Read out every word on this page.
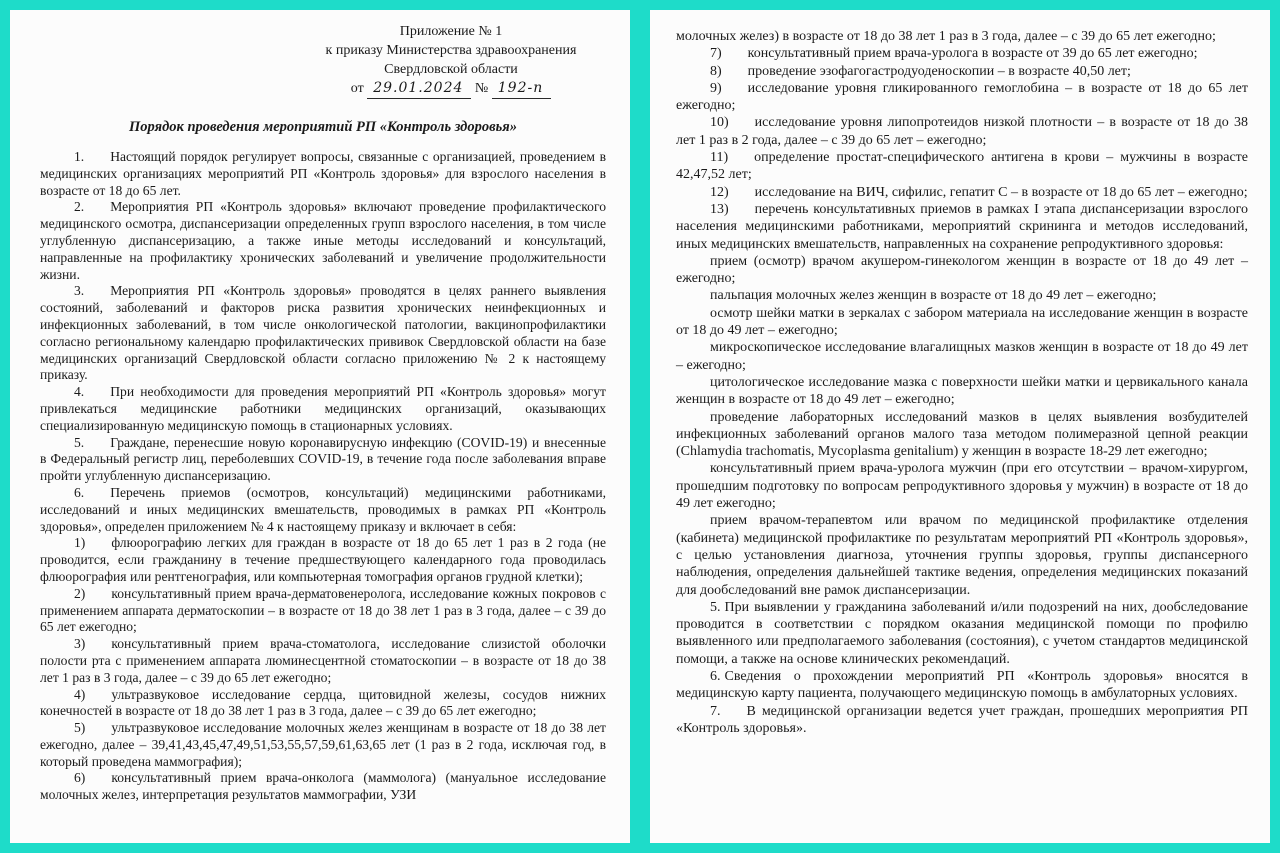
Приложение № 1
к приказу Министерства здравоохранения
Свердловской области
от 29.01.2024 № 192-п
Порядок проведения мероприятий РП «Контроль здоровья»

1. Настоящий порядок регулирует вопросы, связанные с организацией, проведением в медицинских организациях мероприятий РП «Контроль здоровья» для взрослого населения в возрасте от 18 до 65 лет.

2. Мероприятия РП «Контроль здоровья» включают проведение профилактического медицинского осмотра, диспансеризации определенных групп взрослого населения, в том числе углубленную диспансеризацию, а также иные методы исследований и консультаций, направленные на профилактику хронических заболеваний и увеличение продолжительности жизни.

3. Мероприятия РП «Контроль здоровья» проводятся в целях раннего выявления состояний, заболеваний и факторов риска развития хронических неинфекционных и инфекционных заболеваний, в том числе онкологической патологии, вакцинопрофилактики согласно региональному календарю профилактических прививок Свердловской области на базе медицинских организаций Свердловской области согласно приложению № 2 к настоящему приказу.

4. При необходимости для проведения мероприятий РП «Контроль здоровья» могут привлекаться медицинские работники медицинских организаций, оказывающих специализированную медицинскую помощь в стационарных условиях.

5. Граждане, перенесшие новую коронавирусную инфекцию (COVID-19) и внесенные в Федеральный регистр лиц, переболевших COVID-19, в течение года после заболевания вправе пройти углубленную диспансеризацию.

6. Перечень приемов (осмотров, консультаций) медицинскими работниками, исследований и иных медицинских вмешательств, проводимых в рамках РП «Контроль здоровья», определен приложением № 4 к настоящему приказу и включает в себя:

1) флюорографию легких для граждан в возрасте от 18 до 65 лет 1 раз в 2 года (не проводится, если гражданину в течение предшествующего календарного года проводилась флюорография или рентгенография, или компьютерная томография органов грудной клетки);

2) консультативный прием врача-дерматовенеролога, исследование кожных покровов с применением аппарата дерматоскопии – в возрасте от 18 до 38 лет 1 раз в 3 года, далее – с 39 до 65 лет ежегодно;

3) консультативный прием врача-стоматолога, исследование слизистой оболочки полости рта с применением аппарата люминесцентной стоматоскопии – в возрасте от 18 до 38 лет 1 раз в 3 года, далее – с 39 до 65 лет ежегодно;

4) ультразвуковое исследование сердца, щитовидной железы, сосудов нижних конечностей в возрасте от 18 до 38 лет 1 раз в 3 года, далее – с 39 до 65 лет ежегодно;

5) ультразвуковое исследование молочных желез женщинам в возрасте от 18 до 38 лет ежегодно, далее – 39,41,43,45,47,49,51,53,55,57,59,61,63,65 лет (1 раз в 2 года, исключая год, в который проведена маммография);

6) консультативный прием врача-онколога (маммолога) (мануальное исследование молочных желез, интерпретация результатов маммографии, УЗИ

молочных желез) в возрасте от 18 до 38 лет 1 раз в 3 года, далее – с 39 до 65 лет ежегодно;

7) консультативный прием врача-уролога в возрасте от 39 до 65 лет ежегодно;

8) проведение эзофагогастродуоденоскопии – в возрасте 40,50 лет;

9) исследование уровня гликированного гемоглобина – в возрасте от 18 до 65 лет ежегодно;

10) исследование уровня липопротеидов низкой плотности – в возрасте от 18 до 38 лет 1 раз в 2 года, далее – с 39 до 65 лет – ежегодно;

11) определение простат-специфического антигена в крови – мужчины в возрасте 42,47,52 лет;

12) исследование на ВИЧ, сифилис, гепатит С – в возрасте от 18 до 65 лет – ежегодно;

13) перечень консультативных приемов в рамках I этапа диспансеризации взрослого населения медицинскими работниками, мероприятий скрининга и методов исследований, иных медицинских вмешательств, направленных на сохранение репродуктивного здоровья:

прием (осмотр) врачом акушером-гинекологом женщин в возрасте от 18 до 49 лет – ежегодно;

пальпация молочных желез женщин в возрасте от 18 до 49 лет – ежегодно;

осмотр шейки матки в зеркалах с забором материала на исследование женщин в возрасте от 18 до 49 лет – ежегодно;

микроскопическое исследование влагалищных мазков женщин в возрасте от 18 до 49 лет – ежегодно;

цитологическое исследование мазка с поверхности шейки матки и цервикального канала женщин в возрасте от 18 до 49 лет – ежегодно;

проведение лабораторных исследований мазков в целях выявления возбудителей инфекционных заболеваний органов малого таза методом полимеразной цепной реакции (Chlamydia trachomatis, Mycoplasma genitalium) у женщин в возрасте 18-29 лет ежегодно;

консультативный прием врача-уролога мужчин (при его отсутствии – врачом-хирургом, прошедшим подготовку по вопросам репродуктивного здоровья у мужчин) в возрасте от 18 до 49 лет ежегодно;

прием врачом-терапевтом или врачом по медицинской профилактике отделения (кабинета) медицинской профилактике по результатам мероприятий РП «Контроль здоровья», с целью установления диагноза, уточнения группы здоровья, группы диспансерного наблюдения, определения дальнейшей тактике ведения, определения медицинских показаний для дообследований вне рамок диспансеризации.

5. При выявлении у гражданина заболеваний и/или подозрений на них, дообследование проводится в соответствии с порядком оказания медицинской помощи по профилю выявленного или предполагаемого заболевания (состояния), с учетом стандартов медицинской помощи, а также на основе клинических рекомендаций.

6. Сведения о прохождении мероприятий РП «Контроль здоровья» вносятся в медицинскую карту пациента, получающего медицинскую помощь в амбулаторных условиях.

7. В медицинской организации ведется учет граждан, прошедших мероприятия РП «Контроль здоровья».
